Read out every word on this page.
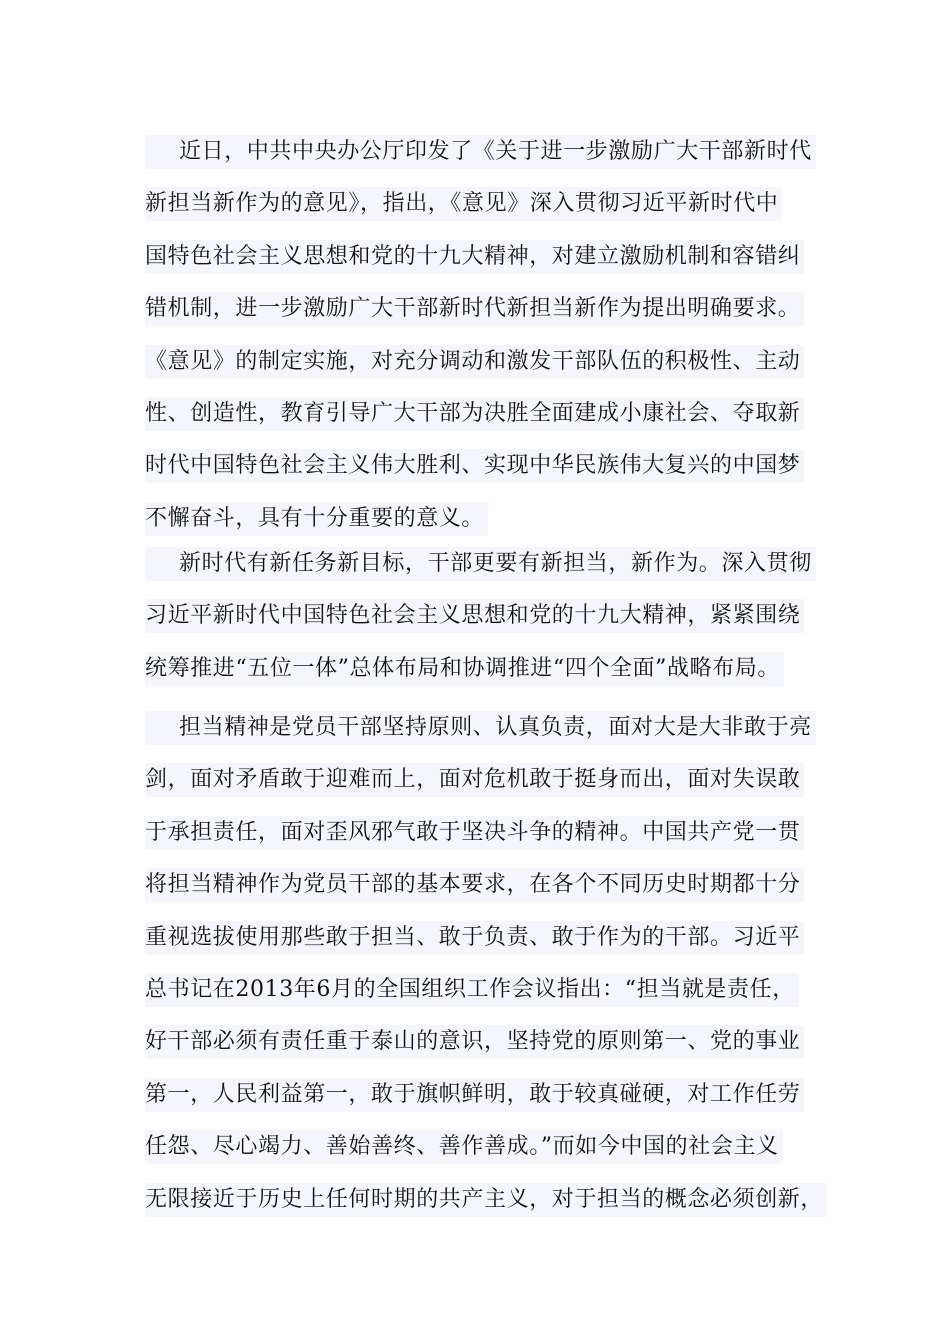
近日，中共中央办公厅印发了《关于进一步激励广大干部新时代
新担当新作为的意见》，指出，《意见》深入贯彻习近平新时代中
国特色社会主义思想和党的十九大精神，对建立激励机制和容错纠
错机制，进一步激励广大干部新时代新担当新作为提出明确要求。
《意见》的制定实施，对充分调动和激发干部队伍的积极性、主动
性、创造性，教育引导广大干部为决胜全面建成小康社会、夺取新
时代中国特色社会主义伟大胜利、实现中华民族伟大复兴的中国梦
不懈奋斗，具有十分重要的意义。
新时代有新任务新目标，干部更要有新担当，新作为。深入贯彻
习近平新时代中国特色社会主义思想和党的十九大精神，紧紧围绕
统筹推进“五位一体”总体布局和协调推进“四个全面”战略布局。
担当精神是党员干部坚持原则、认真负责，面对大是大非敢于亮
剑，面对矛盾敢于迎难而上，面对危机敢于挺身而出，面对失误敢
于承担责任，面对歪风邪气敢于坚决斗争的精神。中国共产党一贯
将担当精神作为党员干部的基本要求，在各个不同历史时期都十分
重视选拔使用那些敢于担当、敢于负责、敢于作为的干部。习近平
总书记在2013年6月的全国组织工作会议指出：“担当就是责任，
好干部必须有责任重于泰山的意识，坚持党的原则第一、党的事业
第一，人民利益第一，敢于旗帜鲜明，敢于较真碰硬，对工作任劳
任怨、尽心竭力、善始善终、善作善成。”而如今中国的社会主义
无限接近于历史上任何时期的共产主义，对于担当的概念必须创新，
